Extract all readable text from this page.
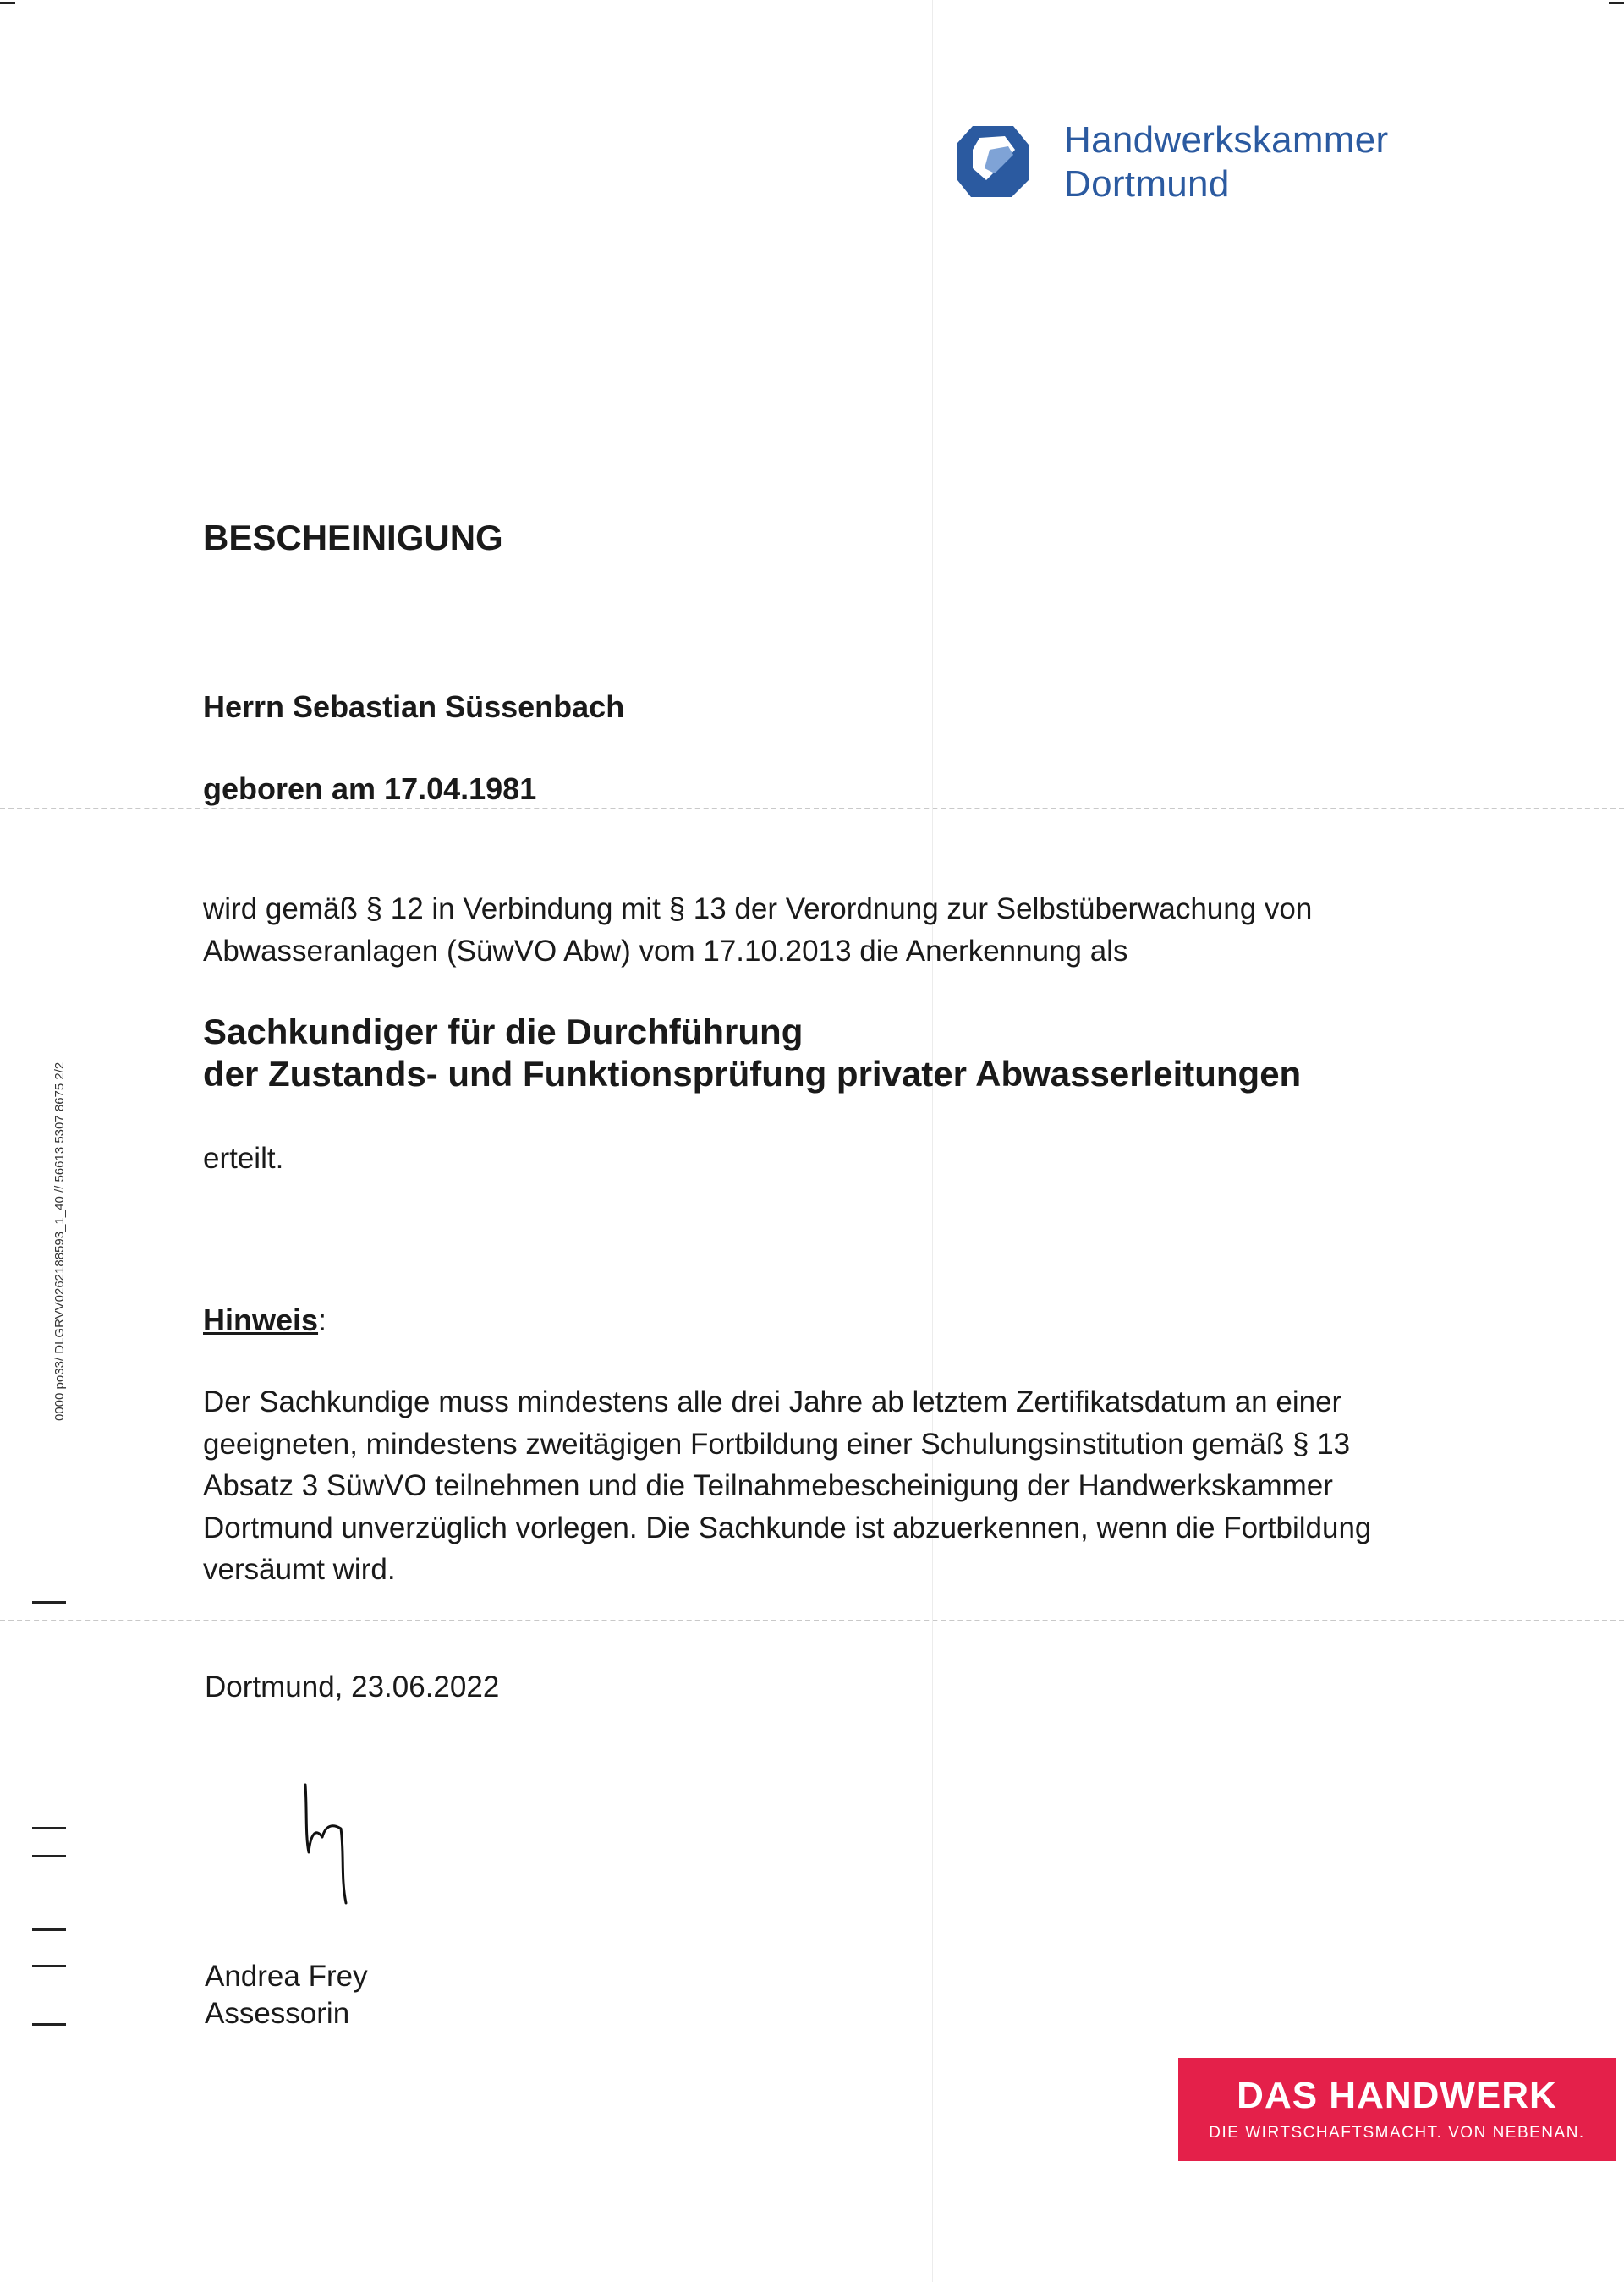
Handwerkskammer
Dortmund
BESCHEINIGUNG
Herrn Sebastian Süssenbach
geboren am 17.04.1981
wird gemäß § 12 in Verbindung mit § 13 der Verordnung zur Selbstüberwachung von
Abwasseranlagen (SüwVO Abw) vom 17.10.2013 die Anerkennung als
Sachkundiger für die Durchführung
der Zustands- und Funktionsprüfung privater Abwasserleitungen
erteilt.
Hinweis:
Der Sachkundige muss mindestens alle drei Jahre ab letztem Zertifikatsdatum an einer
geeigneten, mindestens zweitägigen Fortbildung einer Schulungsinstitution gemäß § 13
Absatz 3 SüwVO teilnehmen und die Teilnahmebescheinigung der Handwerkskammer
Dortmund unverzüglich vorlegen. Die Sachkunde ist abzuerkennen, wenn die Fortbildung
versäumt wird.
Dortmund, 23.06.2022
Andrea Frey
Assessorin
0000 po33/ DLGRVV0262188593_1_40 // 56613 5307 8675 2/2
DAS HANDWERK
DIE WIRTSCHAFTSMACHT. VON NEBENAN.
